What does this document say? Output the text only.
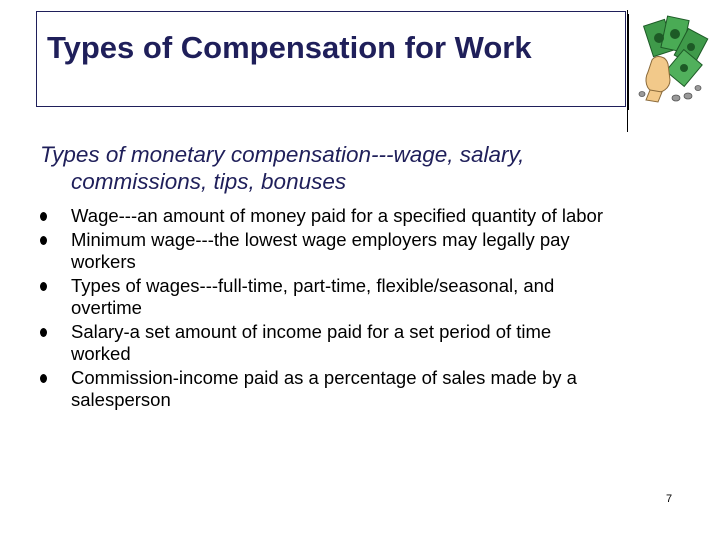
Types of Compensation for Work
Types of monetary compensation---wage, salary,
commissions, tips, bonuses
Wage---an amount of money paid for a specified quantity of labor
Minimum wage---the lowest wage employers may legally pay
workers
Types of wages---full-time, part-time, flexible/seasonal, and
overtime
Salary-a set amount of income paid for a set period of time
worked
Commission-income paid as a percentage of sales made by a
salesperson
7
